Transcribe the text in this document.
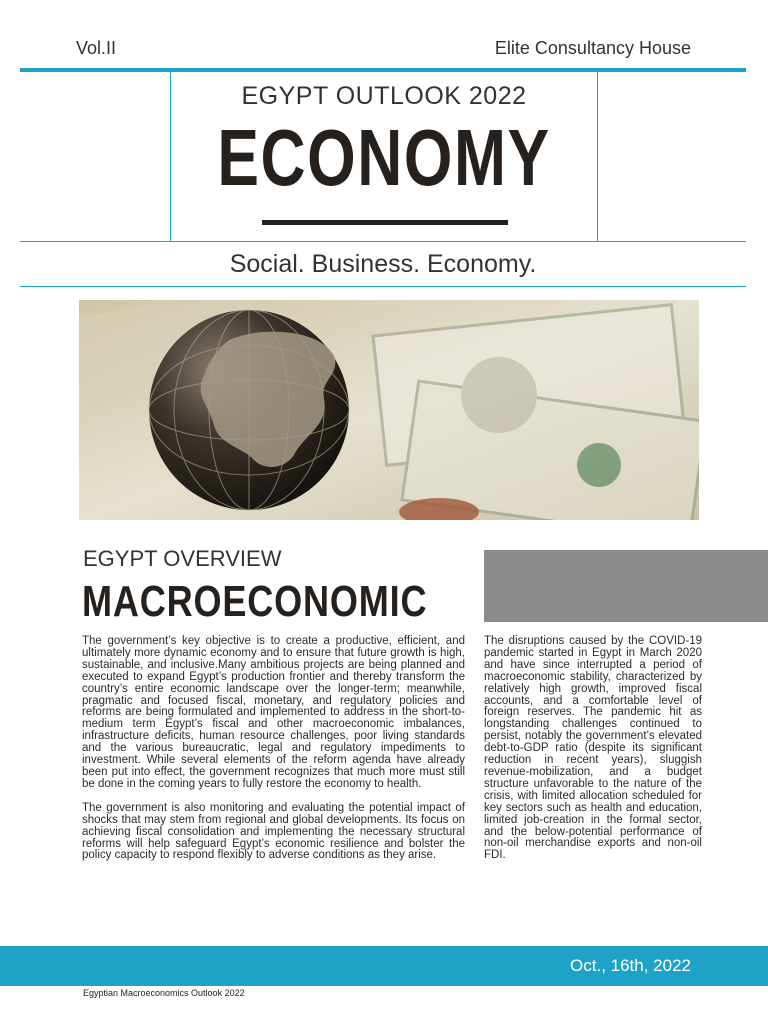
Vol.II	Elite Consultancy House
EGYPT OUTLOOK 2022
ECONOMY
Social. Business. Economy.
EGYPT OVERVIEW
MACROECONOMIC

The government’s key objective is to create a productive, efficient, and ultimately more dynamic economy and to ensure that future growth is high, sustainable, and inclusive.Many ambitious projects are being planned and executed to expand Egypt’s production frontier and thereby transform the country’s entire economic landscape over the longer-term; meanwhile, pragmatic and focused fiscal, monetary, and regulatory policies and reforms are being formulated and implemented to address in the short-to-medium term Egypt’s fiscal and other macroeconomic imbalances, infrastructure deficits, human resource challenges, poor living standards and the various bureaucratic, legal and regulatory impediments to investment. While several elements of the reform agenda have already been put into effect, the government recognizes that much more must still be done in the coming years to fully restore the economy to health.

The government is also monitoring and evaluating the potential impact of shocks that may stem from regional and global developments. Its focus on achieving fiscal consolidation and implementing the necessary structural reforms will help safeguard Egypt’s economic resilience and bolster the policy capacity to respond flexibly to adverse conditions as they arise.

The disruptions caused by the COVID-19 pandemic started in Egypt in March 2020 and have since interrupted a period of macroeconomic stability, characterized by relatively high growth, improved fiscal accounts, and a comfortable level of foreign reserves. The pandemic hit as longstanding challenges continued to persist, notably the government’s elevated debt-to-GDP ratio (despite its significant reduction in recent years), sluggish revenue-mobilization, and a budget structure unfavorable to the nature of the crisis, with limited allocation scheduled for key sectors such as health and education, limited job-creation in the formal sector, and the below-potential performance of non-oil merchandise exports and non-oil FDI.

Oct., 16th, 2022
Egyptian Macroeconomics Outlook 2022
